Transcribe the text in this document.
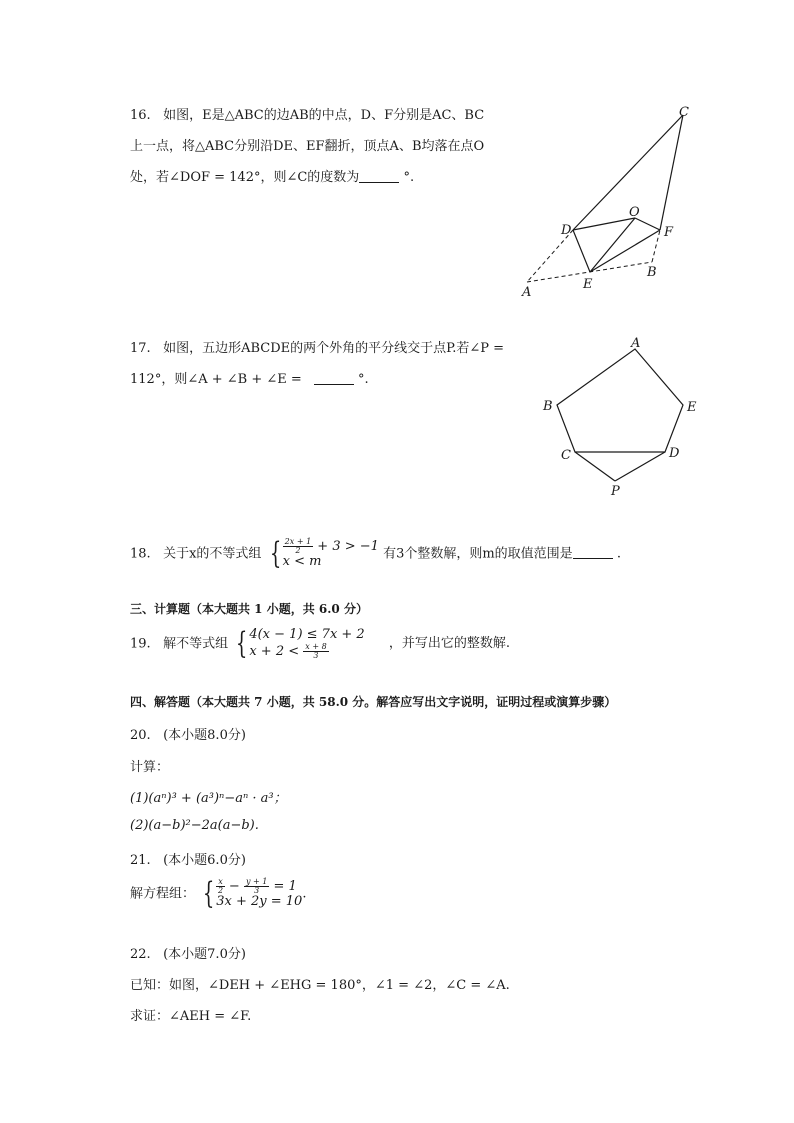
16. 如图，E是△ABC的边AB的中点，D、F分别是AC、BC
上一点，将△ABC分别沿DE、EF翻折，顶点A、B均落在点O
处，若∠DOF = 142°，则∠C的度数为	°.
C
D
O
F
E
B
A
17. 如图，五边形ABCDE的两个外角的平分线交于点P.若∠P =
112°，则∠A + ∠B + ∠E =	°.
A
B	E
C	D
P
18. 关于x的不等式组 { $\frac{2x + 1}{2} + 3 > -1$
x < m
有3个整数解，则m的取值范围是	.
三、计算题（本大题共 1 小题，共 6.0 分）
19. 解不等式组 { 4(x − 1) ≤ 7x + 2
$x + 2 < \frac{x + 8}{3}$	，并写出它的整数解.
四、解答题（本大题共 7 小题，共 58.0 分。解答应写出文字说明，证明过程或演算步骤）
20. (本小题8.0分)
计算：
(1)(aⁿ)³ + (a³)ⁿ−aⁿ · a³；
(2)(a−b)²−2a(a−b).
21. (本小题6.0分)
解方程组： { $\frac{x}{2} - \frac{y + 1}{3} = 1$
3x + 2y = 10
.
22. (本小题7.0分)
已知：如图，∠DEH + ∠EHG = 180°，∠1 = ∠2，∠C = ∠A.
求证：∠AEH = ∠F.
